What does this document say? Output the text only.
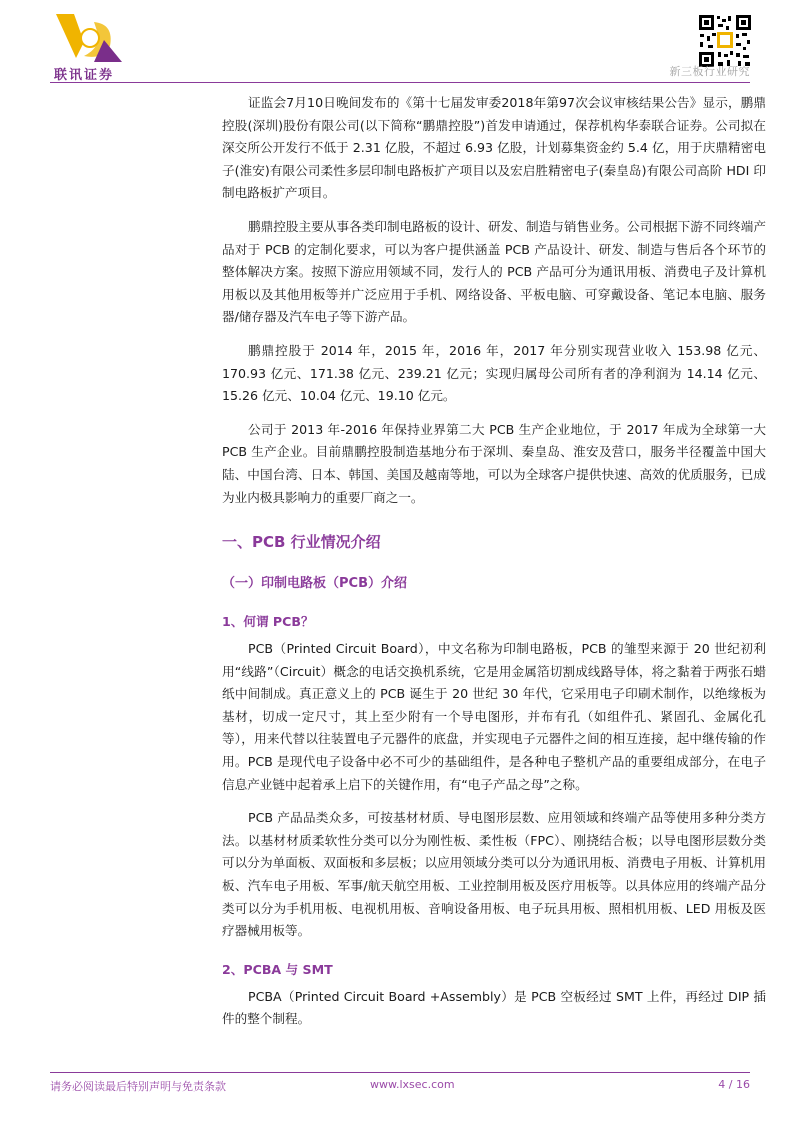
联讯证券	新三板行业研究

证监会7月10日晚间发布的《第十七届发审委2018年第97次会议审核结果公告》显示，鹏鼎控股(深圳)股份有限公司(以下简称“鹏鼎控股”)首发申请通过，保荐机构华泰联合证券。公司拟在深交所公开发行不低于 2.31 亿股，不超过 6.93 亿股，计划募集资金约 5.4 亿，用于庆鼎精密电子(淮安)有限公司柔性多层印制电路板扩产项目以及宏启胜精密电子(秦皇岛)有限公司高阶 HDI 印制电路板扩产项目。

鹏鼎控股主要从事各类印制电路板的设计、研发、制造与销售业务。公司根据下游不同终端产品对于 PCB 的定制化要求，可以为客户提供涵盖 PCB 产品设计、研发、制造与售后各个环节的整体解决方案。按照下游应用领域不同，发行人的 PCB 产品可分为通讯用板、消费电子及计算机用板以及其他用板等并广泛应用于手机、网络设备、平板电脑、可穿戴设备、笔记本电脑、服务器/储存器及汽车电子等下游产品。

鹏鼎控股于 2014 年，2015 年，2016 年，2017 年分别实现营业收入 153.98 亿元、170.93 亿元、171.38 亿元、239.21 亿元；实现归属母公司所有者的净利润为 14.14 亿元、15.26 亿元、10.04 亿元、19.10 亿元。

公司于 2013 年-2016 年保持业界第二大 PCB 生产企业地位，于 2017 年成为全球第一大 PCB 生产企业。目前鼎鹏控股制造基地分布于深圳、秦皇岛、淮安及营口，服务半径覆盖中国大陆、中国台湾、日本、韩国、美国及越南等地，可以为全球客户提供快速、高效的优质服务，已成为业内极具影响力的重要厂商之一。

一、PCB 行业情况介绍
（一）印制电路板（PCB）介绍
1、何谓 PCB？

PCB（Printed Circuit Board），中文名称为印制电路板，PCB 的雏型来源于 20 世纪初利用“线路”（Circuit）概念的电话交换机系统，它是用金属箔切割成线路导体，将之黏着于两张石蜡纸中间制成。真正意义上的 PCB 诞生于 20 世纪 30 年代，它采用电子印刷术制作，以绝缘板为基材，切成一定尺寸，其上至少附有一个导电图形，并布有孔（如组件孔、紧固孔、金属化孔等），用来代替以往装置电子元器件的底盘，并实现电子元器件之间的相互连接，起中继传输的作用。PCB 是现代电子设备中必不可少的基础组件，是各种电子整机产品的重要组成部分，在电子信息产业链中起着承上启下的关键作用，有“电子产品之母”之称。

PCB 产品品类众多，可按基材材质、导电图形层数、应用领域和终端产品等使用多种分类方法。以基材材质柔软性分类可以分为刚性板、柔性板（FPC）、刚挠结合板；以导电图形层数分类可以分为单面板、双面板和多层板；以应用领域分类可以分为通讯用板、消费电子用板、计算机用板、汽车电子用板、军事/航天航空用板、工业控制用板及医疗用板等。以具体应用的终端产品分类可以分为手机用板、电视机用板、音响设备用板、电子玩具用板、照相机用板、LED 用板及医疗器械用板等。

2、PCBA 与 SMT

PCBA（Printed Circuit Board +Assembly）是 PCB 空板经过 SMT 上件，再经过 DIP 插件的整个制程。

请务必阅读最后特别声明与免责条款	www.lxsec.com	4 / 16
